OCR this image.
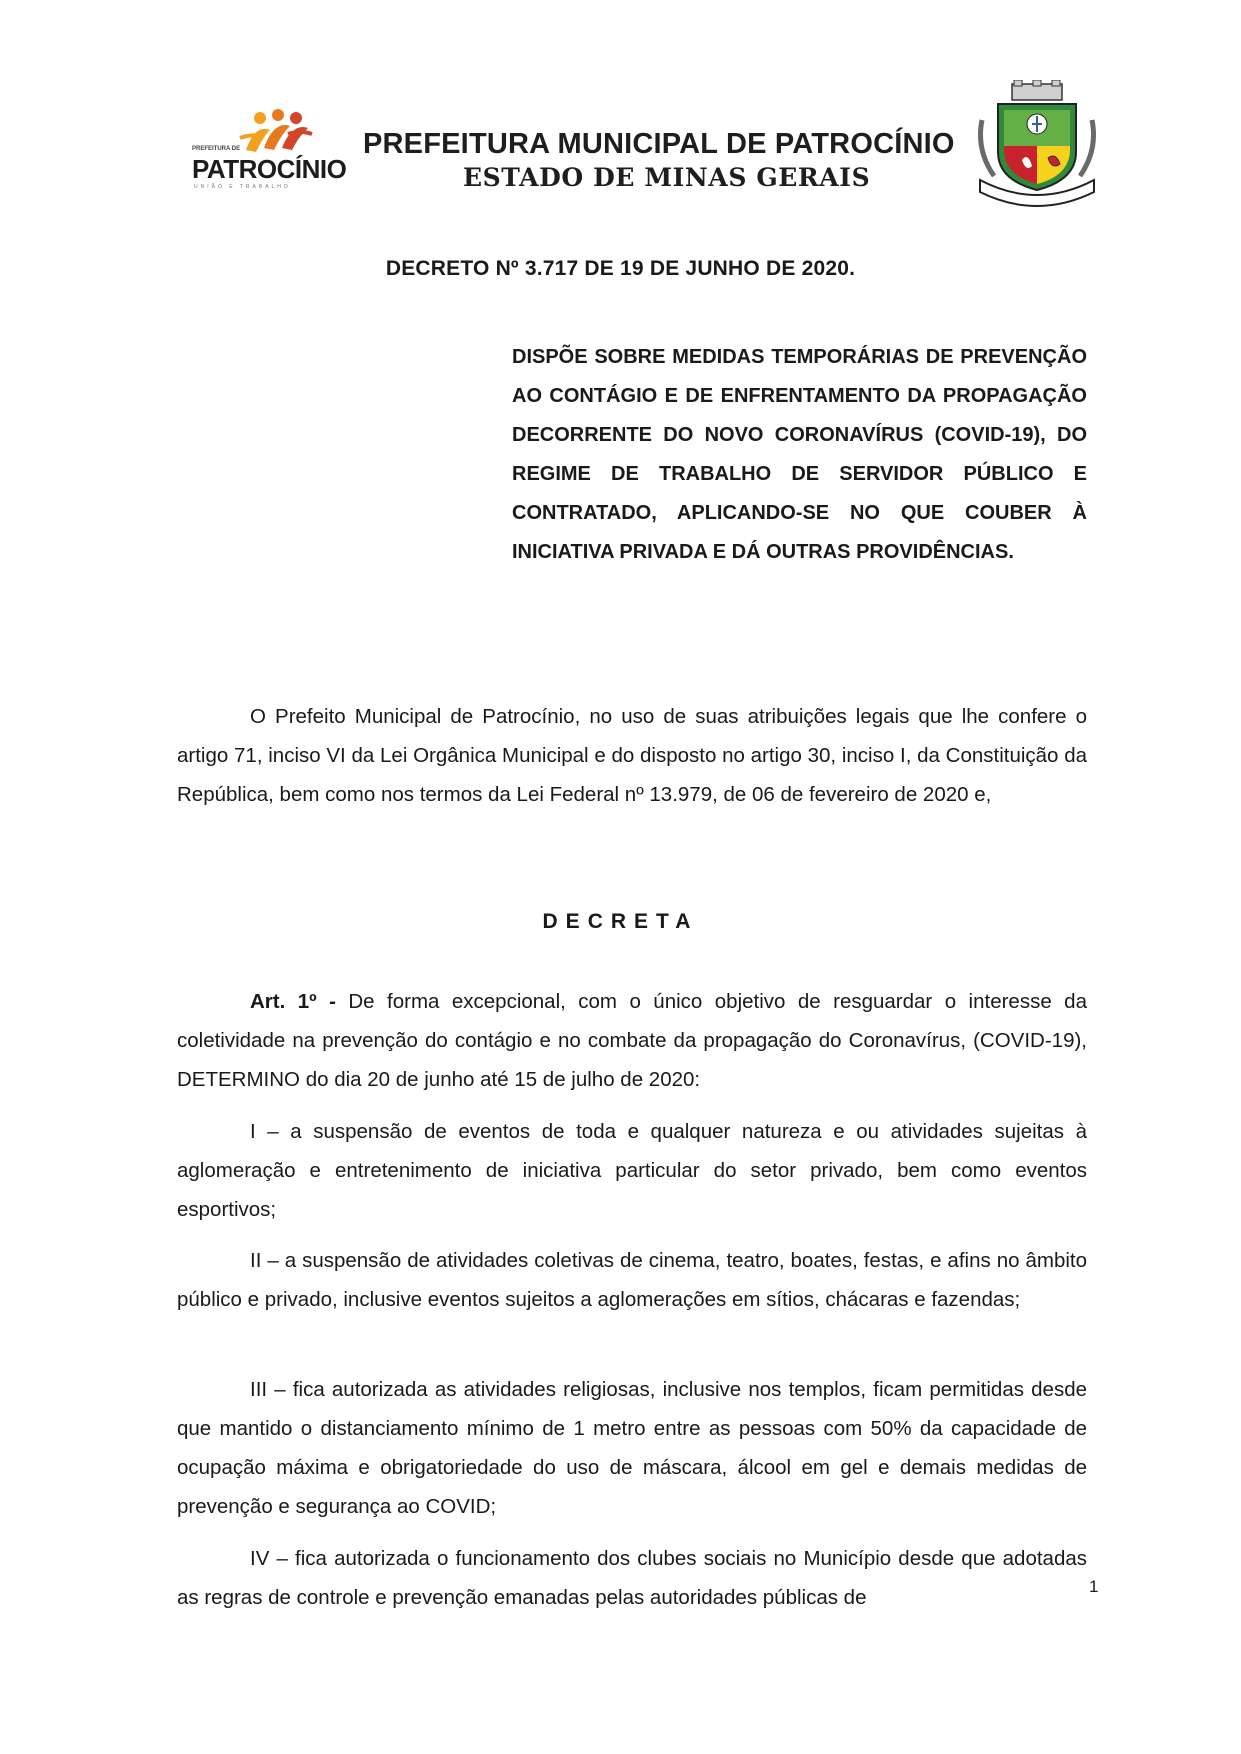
PREFEITURA DE
PATROCÍNIO
UNIÃO E TRABALHO
PREFEITURA MUNICIPAL DE PATROCÍNIO
ESTADO DE MINAS GERAIS
DECRETO Nº 3.717 DE 19 DE JUNHO DE 2020.
DISPÕE SOBRE MEDIDAS TEMPORÁRIAS DE PREVENÇÃO AO CONTÁGIO E DE ENFRENTAMENTO DA PROPAGAÇÃO DECORRENTE DO NOVO CORONAVÍRUS (COVID-19), DO REGIME DE TRABALHO DE SERVIDOR PÚBLICO E CONTRATADO, APLICANDO-SE NO QUE COUBER À INICIATIVA PRIVADA E DÁ OUTRAS PROVIDÊNCIAS.
O Prefeito Municipal de Patrocínio, no uso de suas atribuições legais que lhe confere o artigo 71, inciso VI da Lei Orgânica Municipal e do disposto no artigo 30, inciso I, da Constituição da República, bem como nos termos da Lei Federal nº 13.979, de 06 de fevereiro de 2020 e,
DECRETA
Art. 1º - De forma excepcional, com o único objetivo de resguardar o interesse da coletividade na prevenção do contágio e no combate da propagação do Coronavírus, (COVID-19), DETERMINO do dia 20 de junho até 15 de julho de 2020:
I – a suspensão de eventos de toda e qualquer natureza e ou atividades sujeitas à aglomeração e entretenimento de iniciativa particular do setor privado, bem como eventos esportivos;
II – a suspensão de atividades coletivas de cinema, teatro, boates, festas, e afins no âmbito público e privado, inclusive eventos sujeitos a aglomerações em sítios, chácaras e fazendas;
III – fica autorizada as atividades religiosas, inclusive nos templos, ficam permitidas desde que mantido o distanciamento mínimo de 1 metro entre as pessoas com 50% da capacidade de ocupação máxima e obrigatoriedade do uso de máscara, álcool em gel e demais medidas de prevenção e segurança ao COVID;
IV – fica autorizada o funcionamento dos clubes sociais no Município desde que adotadas as regras de controle e prevenção emanadas pelas autoridades públicas de	1
